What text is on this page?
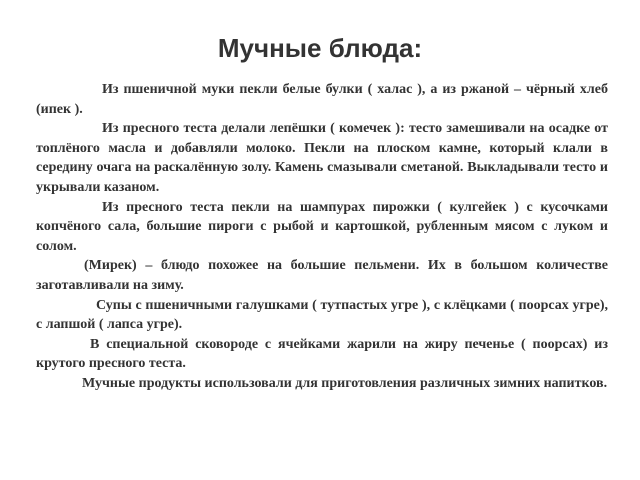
Мучные блюда:

Из пшеничной муки пекли белые булки ( халас ), а из ржаной – чёрный хлеб (ипек ).

Из пресного теста делали лепёшки ( комечек ): тесто замешивали на осадке от топлёного масла и добавляли молоко. Пекли на плоском камне, который клали в середину очага на раскалённую золу. Камень смазывали сметаной. Выкладывали тесто и укрывали казаном.

Из пресного теста пекли на шампурах пирожки ( кулгейек ) с кусочками копчёного сала, большие пироги с рыбой и картошкой, рубленным мясом с луком и солом.

(Мирек) – блюдо похожее на большие пельмени. Их в большом количестве заготавливали на зиму.

Супы с пшеничными галушками ( тутпастых угре ), с клёцками ( поорсах угре), с лапшой ( лапса угре).

В специальной сковороде с ячейками жарили на жиру печенье ( поорсах) из крутого пресного теста.

Мучные продукты использовали для приготовления различных зимних напитков.
